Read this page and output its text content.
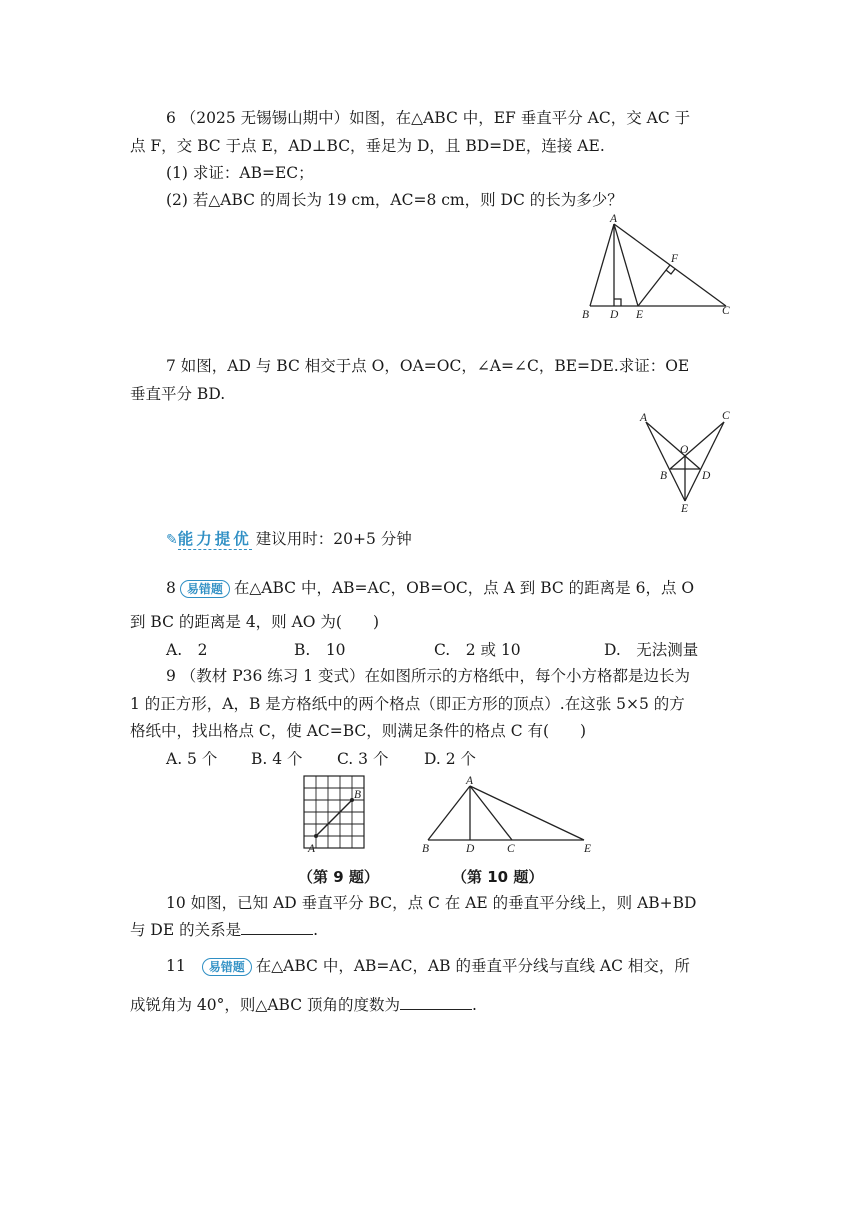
6 （2025 无锡锡山期中）如图，在△ABC 中，EF 垂直平分 AC，交 AC 于
点 F，交 BC 于点 E，AD⊥BC，垂足为 D，且 BD=DE，连接 AE.
(1) 求证：AB=EC；
(2) 若△ABC 的周长为 19 cm，AC=8 cm，则 DC 的长为多少？
A
B D E	C
F
7 如图，AD 与 BC 相交于点 O，OA=OC，∠A=∠C，BE=DE.求证：OE
垂直平分 BD.
A	C
O
B	D
E
✎能力提优 建议用时：20+5 分钟
8 易错题 在△ABC 中，AB=AC，OB=OC，点 A 到 BC 的距离是 6，点 O
到 BC 的距离是 4，则 AO 为(　　)
A.　2	B.　10	C.　2 或 10	D.　无法测量
9 （教材 P36 练习 1 变式）在如图所示的方格纸中，每个小方格都是边长为
1 的正方形，A，B 是方格纸中的两个格点（即正方形的顶点）.在这张 5×5 的方
格纸中，找出格点 C，使 AC=BC，则满足条件的格点 C 有(　　)
A. 5 个 B. 4 个 C. 3 个 D. 2 个
A
B
A
B	D	C	E
（第 9 题）	（第 10 题）
10 如图，已知 AD 垂直平分 BC，点 C 在 AE 的垂直平分线上，则 AB+BD
与 DE 的关系是	.
11 易错题 在△ABC 中，AB=AC，AB 的垂直平分线与直线 AC 相交，所
成锐角为 40°，则△ABC 顶角的度数为	.
